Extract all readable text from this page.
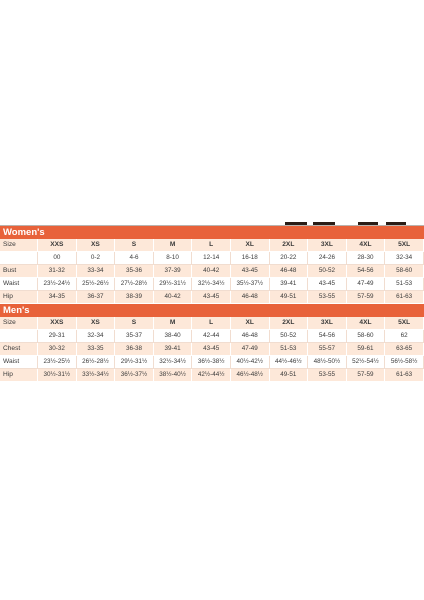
Women's
Size	XXS	XS	S	M	L	XL	2XL	3XL	4XL	5XL
	00	0-2	4-6	8-10	12-14	16-18	20-22	24-26	28-30	32-34
Bust	31-32	33-34	35-36	37-39	40-42	43-45	46-48	50-52	54-56	58-60
Waist	23½-24½	25½-26½	27½-28½	29½-31½	32½-34½	35½-37½	39-41	43-45	47-49	51-53
Hip	34-35	36-37	38-39	40-42	43-45	46-48	49-51	53-55	57-59	61-63
Men's
Size	XXS	XS	S	M	L	XL	2XL	3XL	4XL	5XL
	29-31	32-34	35-37	38-40	42-44	46-48	50-52	54-56	58-60	62
Chest	30-32	33-35	36-38	39-41	43-45	47-49	51-53	55-57	59-61	63-65
Waist	23½-25½	26½-28½	29½-31½	32½-34½	36½-38½	40½-42½	44½-46½	48½-50½	52½-54½	56½-58½
Hip	30½-31½	33½-34½	36½-37½	38½-40½	42½-44½	46½-48½	49-51	53-55	57-59	61-63
